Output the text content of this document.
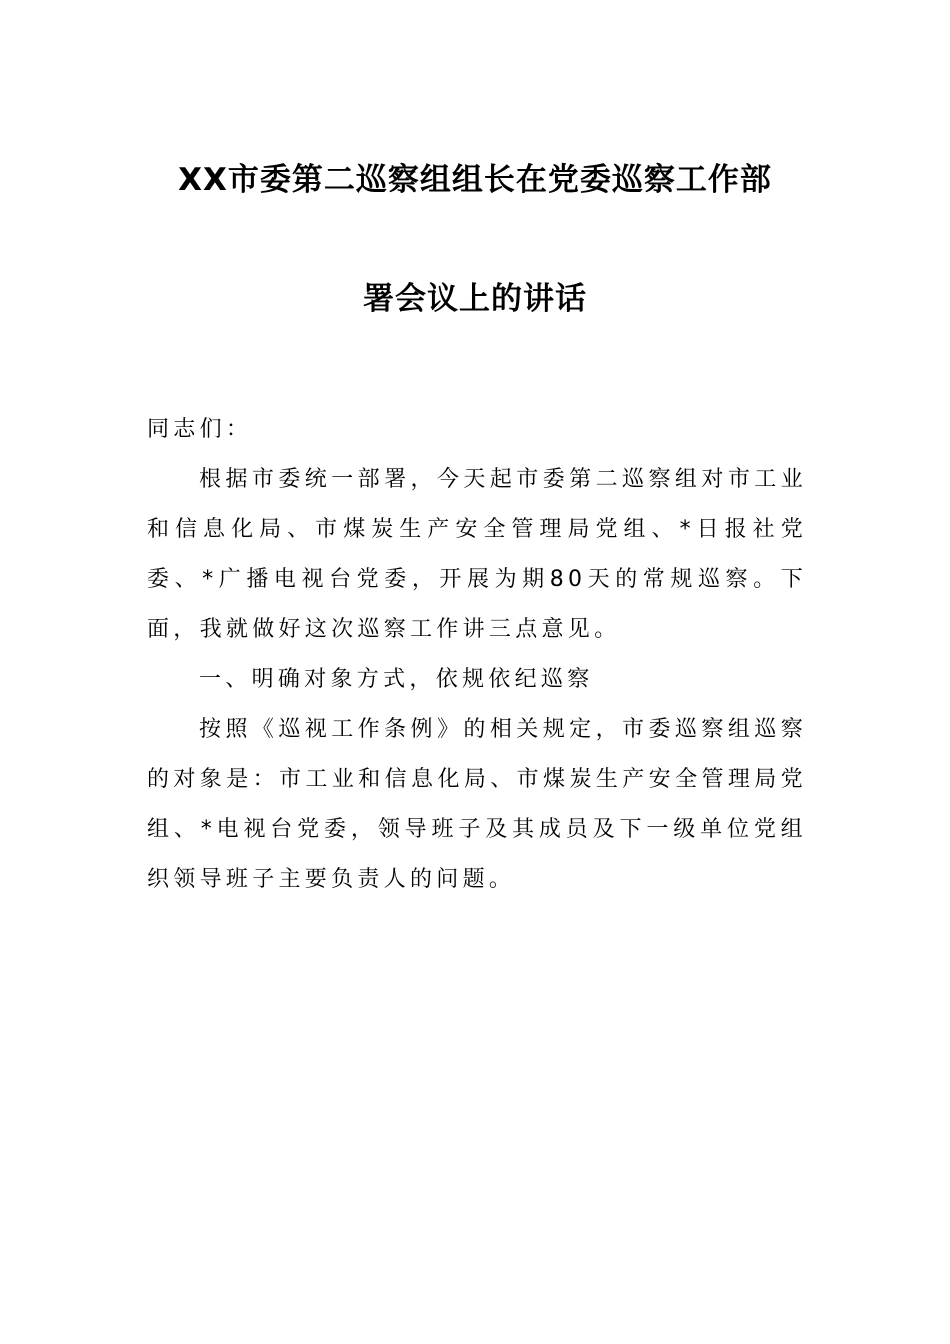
XX市委第二巡察组组长在党委巡察工作部
署会议上的讲话
同志们：
根据市委统一部署，今天起市委第二巡察组对市工业和信息化局、市煤炭生产安全管理局党组、*日报社党委、*广播电视台党委，开展为期80天的常规巡察。下面，我就做好这次巡察工作讲三点意见。
一、明确对象方式，依规依纪巡察
按照《巡视工作条例》的相关规定，市委巡察组巡察的对象是：市工业和信息化局、市煤炭生产安全管理局党组、*电视台党委，领导班子及其成员及下一级单位党组织领导班子主要负责人的问题。
